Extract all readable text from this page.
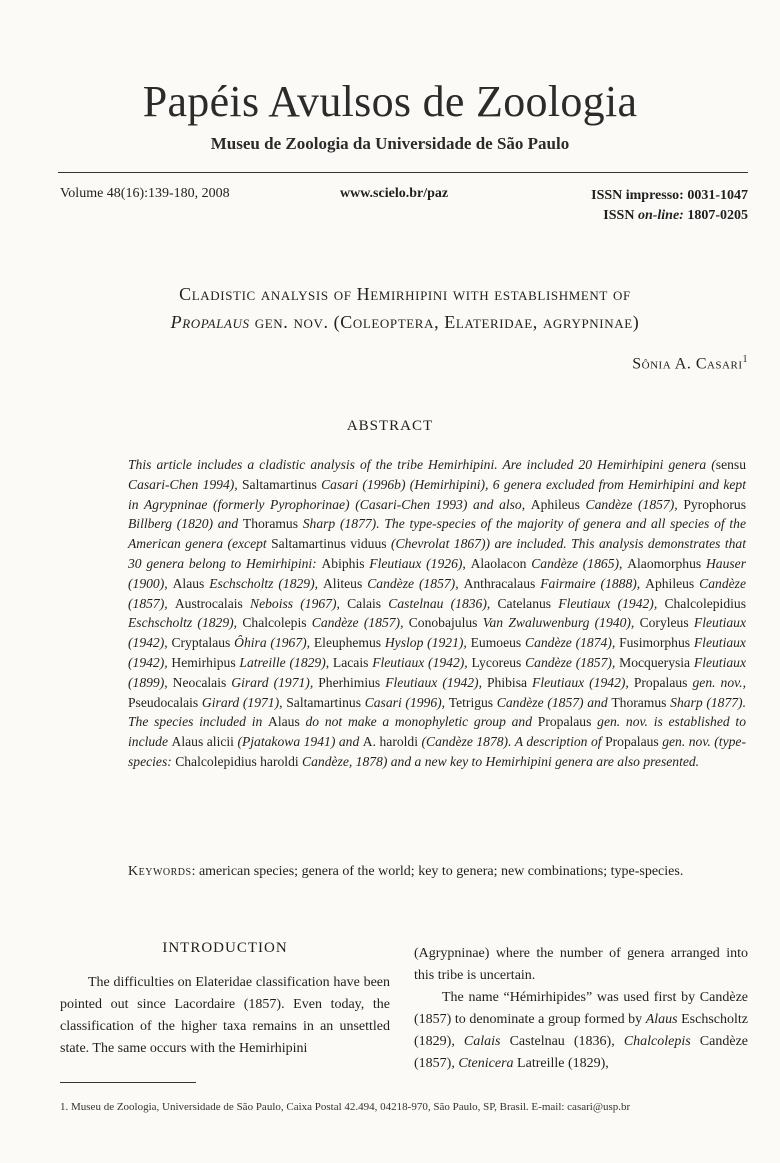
Papéis Avulsos de Zoologia
Museu de Zoologia da Universidade de São Paulo
Volume 48(16):139-180, 2008	www.scielo.br/paz	ISSN impresso: 0031-1047
ISSN on-line: 1807-0205
Cladistic analysis of Hemirhipini with establishment of
Propalaus gen. nov. (Coleoptera, Elateridae, agrypninae)
Sônia A. Casari$^1$
ABSTRACT
This article includes a cladistic analysis of the tribe Hemirhipini. Are included 20 Hemirhipini genera (sensu Casari-Chen 1994), Saltamartinus Casari (1996b) (Hemirhipini), 6 genera excluded from Hemirhipini and kept in Agrypninae (formerly Pyrophorinae) (Casari-Chen 1993) and also, Aphileus Candèze (1857), Pyrophorus Billberg (1820) and Thoramus Sharp (1877). The type-species of the majority of genera and all species of the American genera (except Saltamartinus viduus (Chevrolat 1867)) are included. This analysis demonstrates that 30 genera belong to Hemirhipini: Abiphis Fleutiaux (1926), Alaolacon Candèze (1865), Alaomorphus Hauser (1900), Alaus Eschscholtz (1829), Aliteus Candèze (1857), Anthracalaus Fairmaire (1888), Aphileus Candèze (1857), Austrocalais Neboiss (1967), Calais Castelnau (1836), Catelanus Fleutiaux (1942), Chalcolepidius Eschscholtz (1829), Chalcolepis Candèze (1857), Conobajulus Van Zwaluwenburg (1940), Coryleus Fleutiaux (1942), Cryptalaus Ôhira (1967), Eleuphemus Hyslop (1921), Eumoeus Candèze (1874), Fusimorphus Fleutiaux (1942), Hemirhipus Latreille (1829), Lacais Fleutiaux (1942), Lycoreus Candèze (1857), Mocquerysia Fleutiaux (1899), Neocalais Girard (1971), Pherhimius Fleutiaux (1942), Phibisa Fleutiaux (1942), Propalaus gen. nov., Pseudocalais Girard (1971), Saltamartinus Casari (1996), Tetrigus Candèze (1857) and Thoramus Sharp (1877). The species included in Alaus do not make a monophyletic group and Propalaus gen. nov. is established to include Alaus alicii (Pjatakowa 1941) and A. haroldi (Candèze 1878). A description of Propalaus gen. nov. (type-species: Chalcolepidius haroldi Candèze, 1878) and a new key to Hemirhipini genera are also presented.
Keywords: american species; genera of the world; key to genera; new combinations; type-species.
INTRODUCTION
The difficulties on Elateridae classification have been pointed out since Lacordaire (1857). Even today, the classification of the higher taxa remains in an unsettled state. The same occurs with the Hemirhipini
(Agrypninae) where the number of genera arranged into this tribe is uncertain.
The name “Hémirhipides” was used first by Candèze (1857) to denominate a group formed by Alaus Eschscholtz (1829), Calais Castelnau (1836), Chalcolepis Candèze (1857), Ctenicera Latreille (1829),
1. Museu de Zoologia, Universidade de São Paulo, Caixa Postal 42.494, 04218-970, São Paulo, SP, Brasil. E-mail: casari@usp.br
